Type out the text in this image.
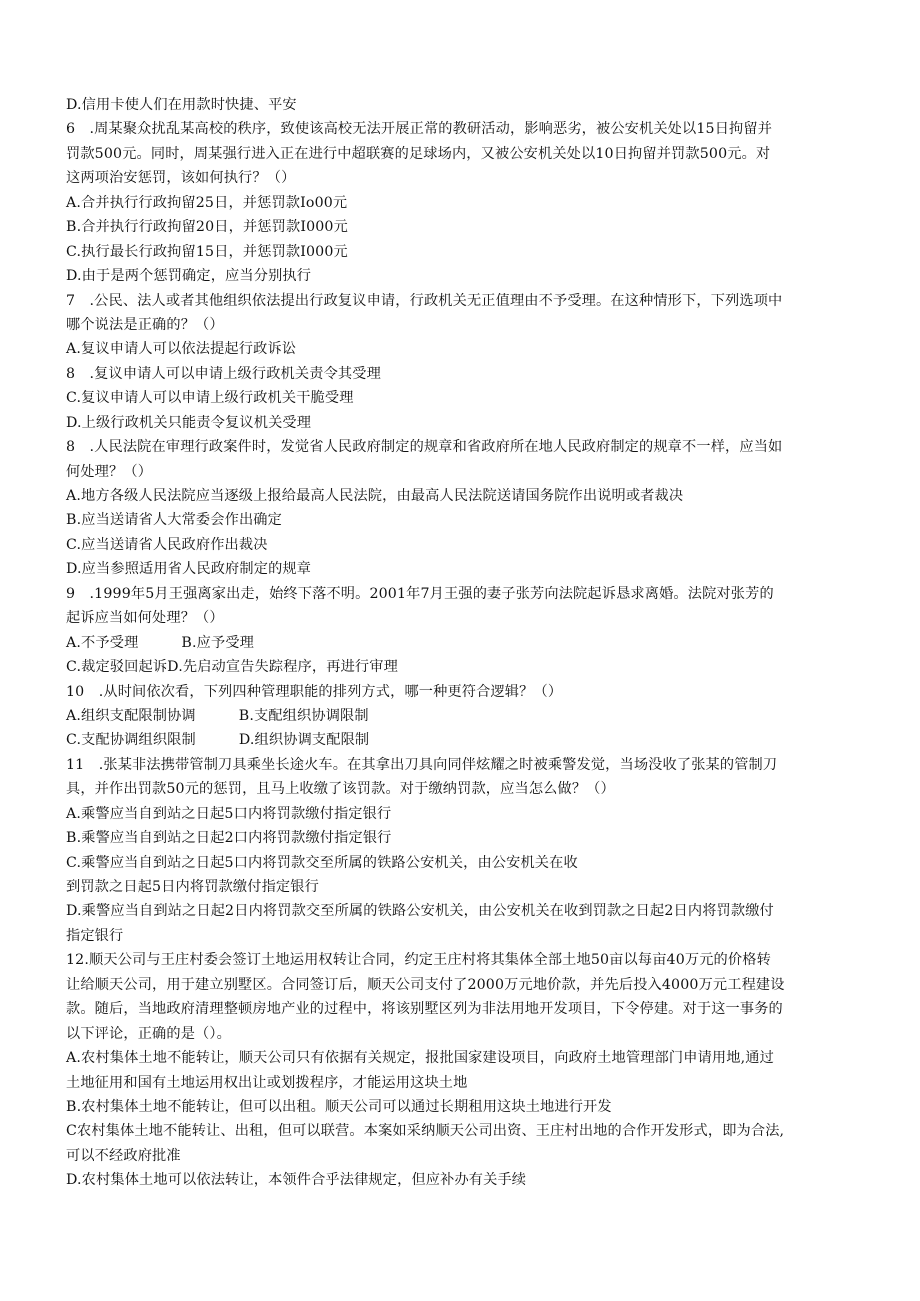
D.信用卡使人们在用款时快捷、平安
6　.周某聚众扰乱某高校的秩序，致使该高校无法开展正常的教研活动，影响恶劣，被公安机关处以15日拘留并
罚款500元。同时，周某强行进入正在进行中超联赛的足球场内，又被公安机关处以10日拘留并罚款500元。对
这两项治安惩罚，该如何执行？（）
A.合并执行行政拘留25日，并惩罚款Io00元
B.合并执行行政拘留20日，并惩罚款I000元
C.执行最长行政拘留15日，并惩罚款I000元
D.由于是两个惩罚确定，应当分别执行
7　.公民、法人或者其他组织依法提出行政复议申请，行政机关无正值理由不予受理。在这种情形下，下列选项中
哪个说法是正确的？（）
A.复议申请人可以依法提起行政诉讼
8　.复议申请人可以申请上级行政机关责令其受理
C.复议申请人可以申请上级行政机关干脆受理
D.上级行政机关只能责令复议机关受理
8　.人民法院在审理行政案件时，发觉省人民政府制定的规章和省政府所在地人民政府制定的规章不一样，应当如
何处理？（）
A.地方各级人民法院应当逐级上报给最高人民法院，由最高人民法院送请国务院作出说明或者裁决
B.应当送请省人大常委会作出确定
C.应当送请省人民政府作出裁决
D.应当参照适用省人民政府制定的规章
9　.1999年5月王强离家出走，始终下落不明。2001年7月王强的妻子张芳向法院起诉恳求离婚。法院对张芳的
起诉应当如何处理？（）
A.不予受理　　　B.应予受理
C.裁定驳回起诉D.先启动宣告失踪程序，再进行审理
10　.从时间依次看，下列四种管理职能的排列方式，哪一种更符合逻辑？（）
A.组织支配限制协调　　　B.支配组织协调限制
C.支配协调组织限制　　　D.组织协调支配限制
11　.张某非法携带管制刀具乘坐长途火车。在其拿出刀具向同伴炫耀之时被乘警发觉，当场没收了张某的管制刀
具，并作出罚款50元的惩罚，且马上收缴了该罚款。对于缴纳罚款，应当怎么做？（）
A.乘警应当自到站之日起5口内将罚款缴付指定银行
B.乘警应当自到站之日起2口内将罚款缴付指定银行
C.乘警应当自到站之日起5口内将罚款交至所属的铁路公安机关，由公安机关在收
到罚款之日起5日内将罚款缴付指定银行
D.乘警应当自到站之日起2日内将罚款交至所属的铁路公安机关，由公安机关在收到罚款之日起2日内将罚款缴付
指定银行
12.顺天公司与王庄村委会签订土地运用权转让合同，约定王庄村将其集体全部土地50亩以每亩40万元的价格转
让给顺天公司，用于建立别墅区。合同签订后，顺天公司支付了2000万元地价款，并先后投入4000万元工程建设
款。随后，当地政府清理整顿房地产业的过程中，将该别墅区列为非法用地开发项目，下令停建。对于这一事务的
以下评论，正确的是（）。
A.农村集体土地不能转让，顺天公司只有依据有关规定，报批国家建设项目，向政府土地管理部门申请用地,通过
土地征用和国有土地运用权出让或划拨程序，才能运用这块土地
B.农村集体土地不能转让，但可以出租。顺天公司可以通过长期租用这块土地进行开发
C农村集体土地不能转让、出租，但可以联营。本案如采纳顺天公司出资、王庄村出地的合作开发形式，即为合法,
可以不经政府批准
D.农村集体土地可以依法转让，本领件合乎法律规定，但应补办有关手续
